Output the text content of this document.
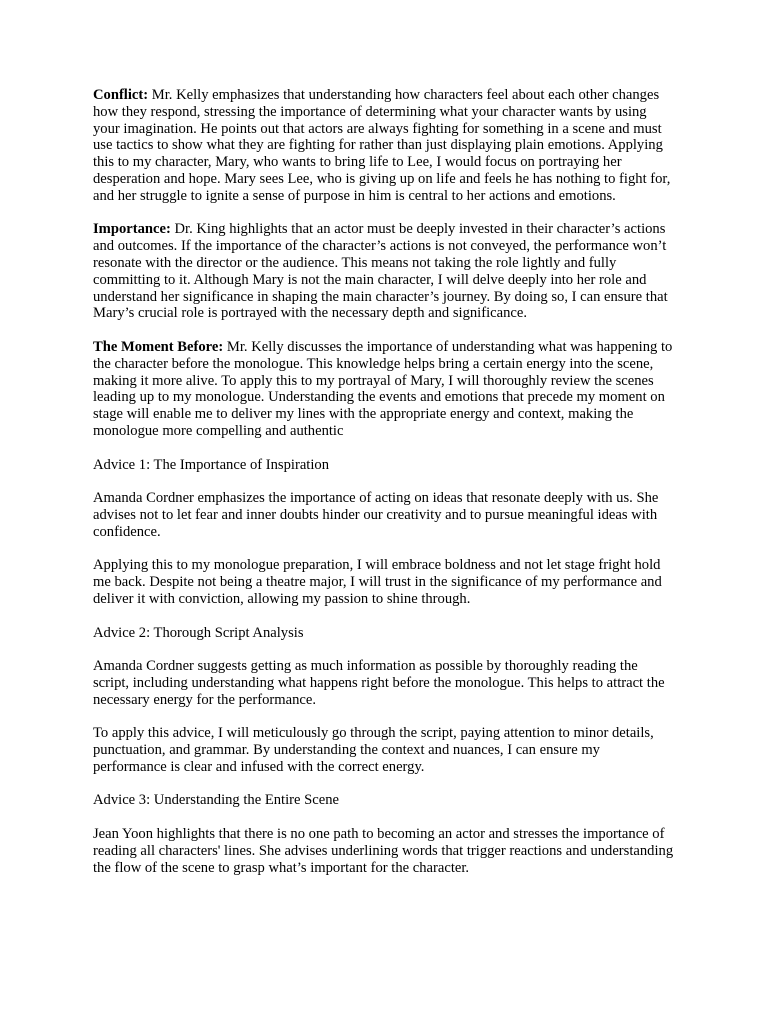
Conflict: Mr. Kelly emphasizes that understanding how characters feel about each other changes how they respond, stressing the importance of determining what your character wants by using your imagination. He points out that actors are always fighting for something in a scene and must use tactics to show what they are fighting for rather than just displaying plain emotions. Applying this to my character, Mary, who wants to bring life to Lee, I would focus on portraying her desperation and hope. Mary sees Lee, who is giving up on life and feels he has nothing to fight for, and her struggle to ignite a sense of purpose in him is central to her actions and emotions.

Importance: Dr. King highlights that an actor must be deeply invested in their character’s actions and outcomes. If the importance of the character’s actions is not conveyed, the performance won’t resonate with the director or the audience. This means not taking the role lightly and fully committing to it. Although Mary is not the main character, I will delve deeply into her role and understand her significance in shaping the main character’s journey. By doing so, I can ensure that Mary’s crucial role is portrayed with the necessary depth and significance.

The Moment Before: Mr. Kelly discusses the importance of understanding what was happening to the character before the monologue. This knowledge helps bring a certain energy into the scene, making it more alive. To apply this to my portrayal of Mary, I will thoroughly review the scenes leading up to my monologue. Understanding the events and emotions that precede my moment on stage will enable me to deliver my lines with the appropriate energy and context, making the monologue more compelling and authentic

Advice 1: The Importance of Inspiration

Amanda Cordner emphasizes the importance of acting on ideas that resonate deeply with us. She advises not to let fear and inner doubts hinder our creativity and to pursue meaningful ideas with confidence.

Applying this to my monologue preparation, I will embrace boldness and not let stage fright hold me back. Despite not being a theatre major, I will trust in the significance of my performance and deliver it with conviction, allowing my passion to shine through.

Advice 2: Thorough Script Analysis

Amanda Cordner suggests getting as much information as possible by thoroughly reading the script, including understanding what happens right before the monologue. This helps to attract the necessary energy for the performance.

To apply this advice, I will meticulously go through the script, paying attention to minor details, punctuation, and grammar. By understanding the context and nuances, I can ensure my performance is clear and infused with the correct energy.

Advice 3: Understanding the Entire Scene

Jean Yoon highlights that there is no one path to becoming an actor and stresses the importance of reading all characters' lines. She advises underlining words that trigger reactions and understanding the flow of the scene to grasp what’s important for the character.
